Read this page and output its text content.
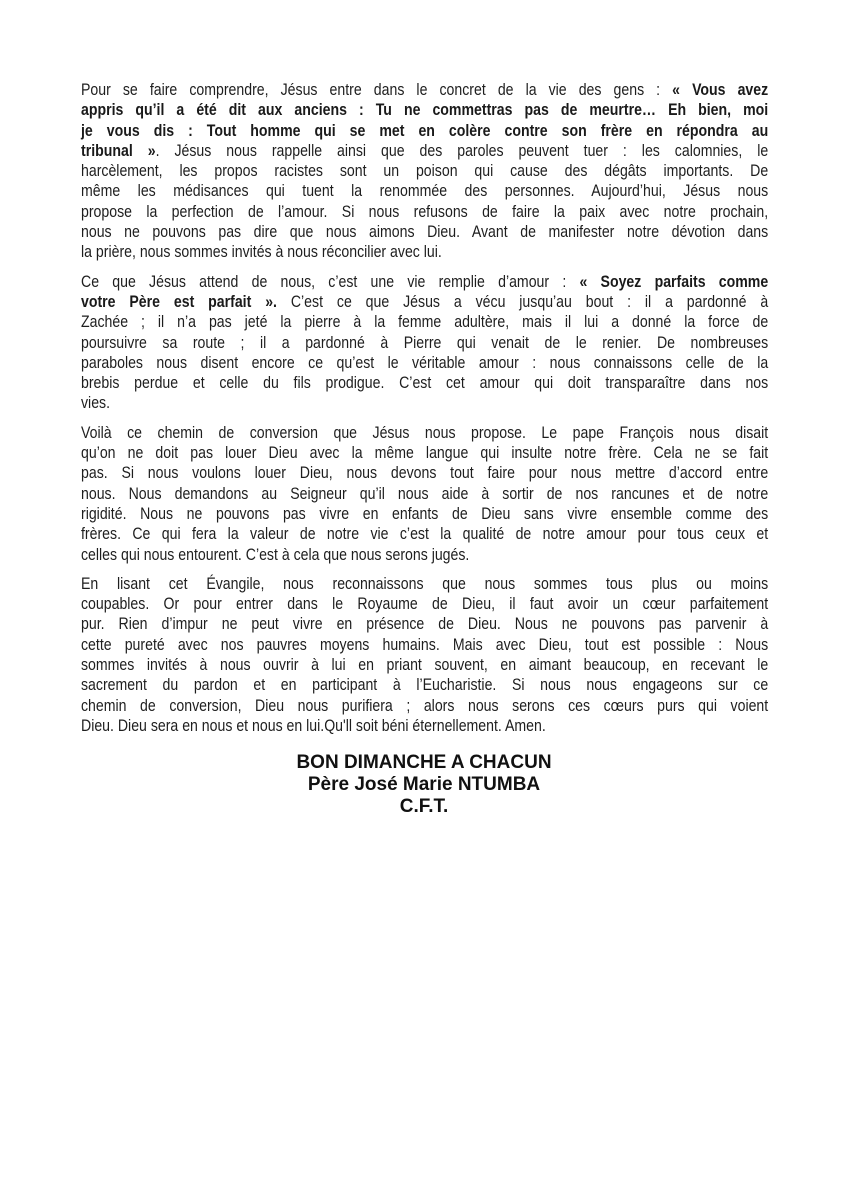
Pour se faire comprendre, Jésus entre dans le concret de la vie des gens : « Vous avez
appris qu’il a été dit aux anciens : Tu ne commettras pas de meurtre… Eh bien, moi
je vous dis : Tout homme qui se met en colère contre son frère en répondra au
tribunal ». Jésus nous rappelle ainsi que des paroles peuvent tuer : les calomnies, le
harcèlement, les propos racistes sont un poison qui cause des dégâts importants. De
même les médisances qui tuent la renommée des personnes. Aujourd’hui, Jésus nous
propose la perfection de l’amour. Si nous refusons de faire la paix avec notre prochain,
nous ne pouvons pas dire que nous aimons Dieu. Avant de manifester notre dévotion dans
la prière, nous sommes invités à nous réconcilier avec lui.
Ce que Jésus attend de nous, c’est une vie remplie d’amour : « Soyez parfaits comme
votre Père est parfait ». C’est ce que Jésus a vécu jusqu’au bout : il a pardonné à
Zachée ; il n’a pas jeté la pierre à la femme adultère, mais il lui a donné la force de
poursuivre sa route ; il a pardonné à Pierre qui venait de le renier. De nombreuses
paraboles nous disent encore ce qu’est le véritable amour : nous connaissons celle de la
brebis perdue et celle du fils prodigue. C’est cet amour qui doit transparaître dans nos
vies.
Voilà ce chemin de conversion que Jésus nous propose. Le pape François nous disait
qu’on ne doit pas louer Dieu avec la même langue qui insulte notre frère. Cela ne se fait
pas. Si nous voulons louer Dieu, nous devons tout faire pour nous mettre d’accord entre
nous. Nous demandons au Seigneur qu’il nous aide à sortir de nos rancunes et de notre
rigidité. Nous ne pouvons pas vivre en enfants de Dieu sans vivre ensemble comme des
frères. Ce qui fera la valeur de notre vie c’est la qualité de notre amour pour tous ceux et
celles qui nous entourent. C’est à cela que nous serons jugés.
En lisant cet Évangile, nous reconnaissons que nous sommes tous plus ou moins
coupables. Or pour entrer dans le Royaume de Dieu, il faut avoir un cœur parfaitement
pur. Rien d’impur ne peut vivre en présence de Dieu. Nous ne pouvons pas parvenir à
cette pureté avec nos pauvres moyens humains. Mais avec Dieu, tout est possible : Nous
sommes invités à nous ouvrir à lui en priant souvent, en aimant beaucoup, en recevant le
sacrement du pardon et en participant à l’Eucharistie. Si nous nous engageons sur ce
chemin de conversion, Dieu nous purifiera ; alors nous serons ces cœurs purs qui voient
Dieu. Dieu sera en nous et nous en lui.Qu'll soit béni éternellement. Amen.
BON DIMANCHE A CHACUN
Père José Marie NTUMBA
C.F.T.
